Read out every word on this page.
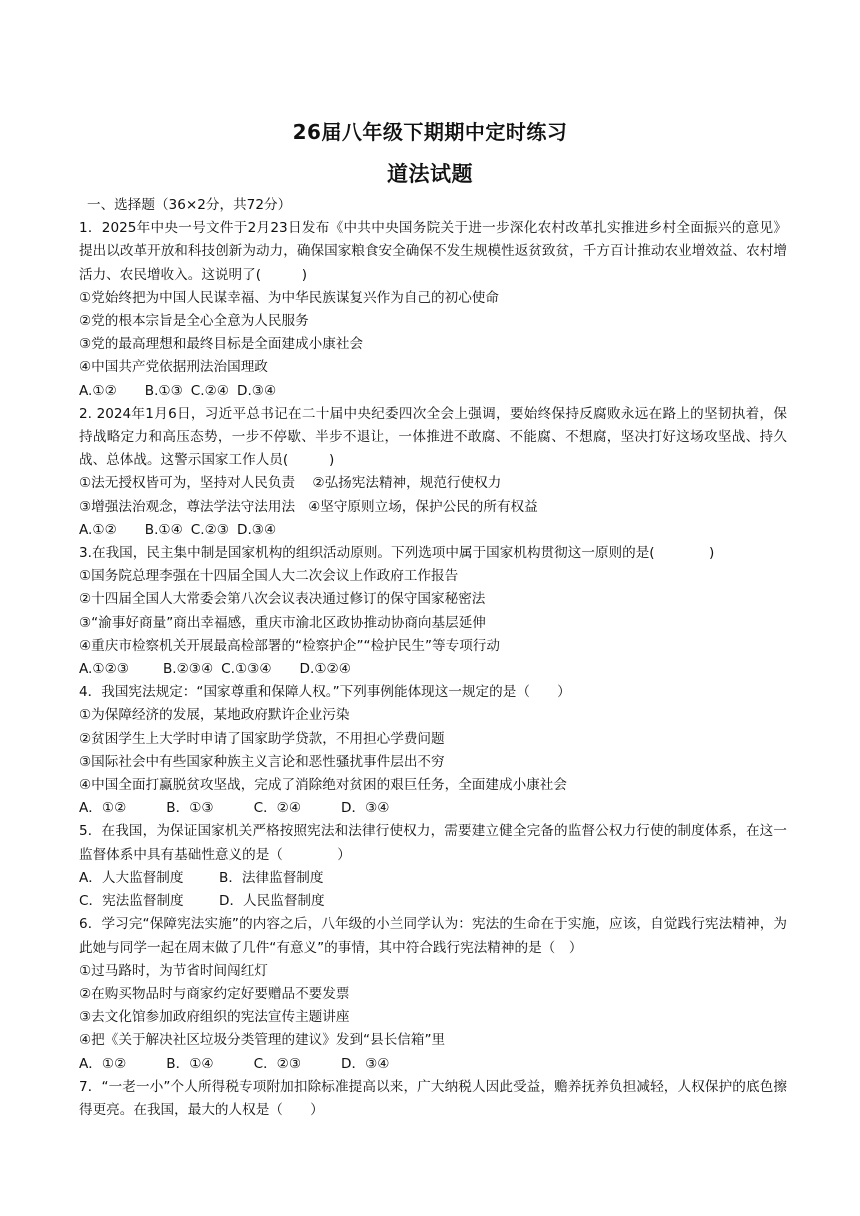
26届八年级下期期中定时练习
道法试题
一、选择题（36×2分，共72分）
1．2025年中央一号文件于2月23日发布《中共中央国务院关于进一步深化农村改革扎实推进乡村全面振兴的意见》提出以改革开放和科技创新为动力，确保国家粮食安全确保不发生规模性返贫致贫，千方百计推动农业增效益、农村增活力、农民增收入。这说明了(　　　)
①党始终把为中国人民谋幸福、为中华民族谋复兴作为自己的初心使命
②党的根本宗旨是全心全意为人民服务
③党的最高理想和最终目标是全面建成小康社会
④中国共产党依据刑法治国理政
A.①② B.①③ C.②④ D.③④
2. 2024年1月6日，习近平总书记在二十届中央纪委四次全会上强调，要始终保持反腐败永远在路上的坚韧执着，保持战略定力和高压态势，一步不停歇、半步不退让，一体推进不敢腐、不能腐、不想腐，坚决打好这场攻坚战、持久战、总体战。这警示国家工作人员(　　　)
①法无授权皆可为，坚持对人民负责 ②弘扬宪法精神，规范行使权力
③增强法治观念，尊法学法守法用法 ④坚守原则立场，保护公民的所有权益
A.①② B.①④ C.②③ D.③④
3.在我国，民主集中制是国家机构的组织活动原则。下列选项中属于国家机构贯彻这一原则的是(　　　　)
①国务院总理李强在十四届全国人大二次会议上作政府工作报告
②十四届全国人大常委会第八次会议表决通过修订的保守国家秘密法
③“渝事好商量”商出幸福感，重庆市渝北区政协推动协商向基层延伸
④重庆市检察机关开展最高检部署的“检察护企”“检护民生”等专项行动
A.①②③	B.②③④ C.①③④ D.①②④
4．我国宪法规定：“国家尊重和保障人权。”下列事例能体现这一规定的是（　　）
①为保障经济的发展，某地政府默许企业污染
②贫困学生上大学时申请了国家助学贷款，不用担心学费问题
③国际社会中有些国家种族主义言论和恶性骚扰事件层出不穷
④中国全面打赢脱贫攻坚战，完成了消除绝对贫困的艰巨任务，全面建成小康社会
A．①②	B．①③	C．②④	D．③④
5．在我国，为保证国家机关严格按照宪法和法律行使权力，需要建立健全完备的监督公权力行使的制度体系，在这一监督体系中具有基础性意义的是（　　　　）
A．人大监督制度	B．法律监督制度
C．宪法监督制度	D．人民监督制度
6．学习完“保障宪法实施”的内容之后，八年级的小兰同学认为：宪法的生命在于实施，应该，自觉践行宪法精神，为此她与同学一起在周末做了几件“有意义”的事情，其中符合践行宪法精神的是（　）
①过马路时，为节省时间闯红灯
②在购买物品时与商家约定好要赠品不要发票
③去文化馆参加政府组织的宪法宣传主题讲座
④把《关于解决社区垃圾分类管理的建议》发到“县长信箱”里
A．①②	B．①④	C．②③	D．③④
7．“一老一小”个人所得税专项附加扣除标准提高以来，广大纳税人因此受益，赡养抚养负担减轻，人权保护的底色擦得更亮。在我国，最大的人权是（　　）
